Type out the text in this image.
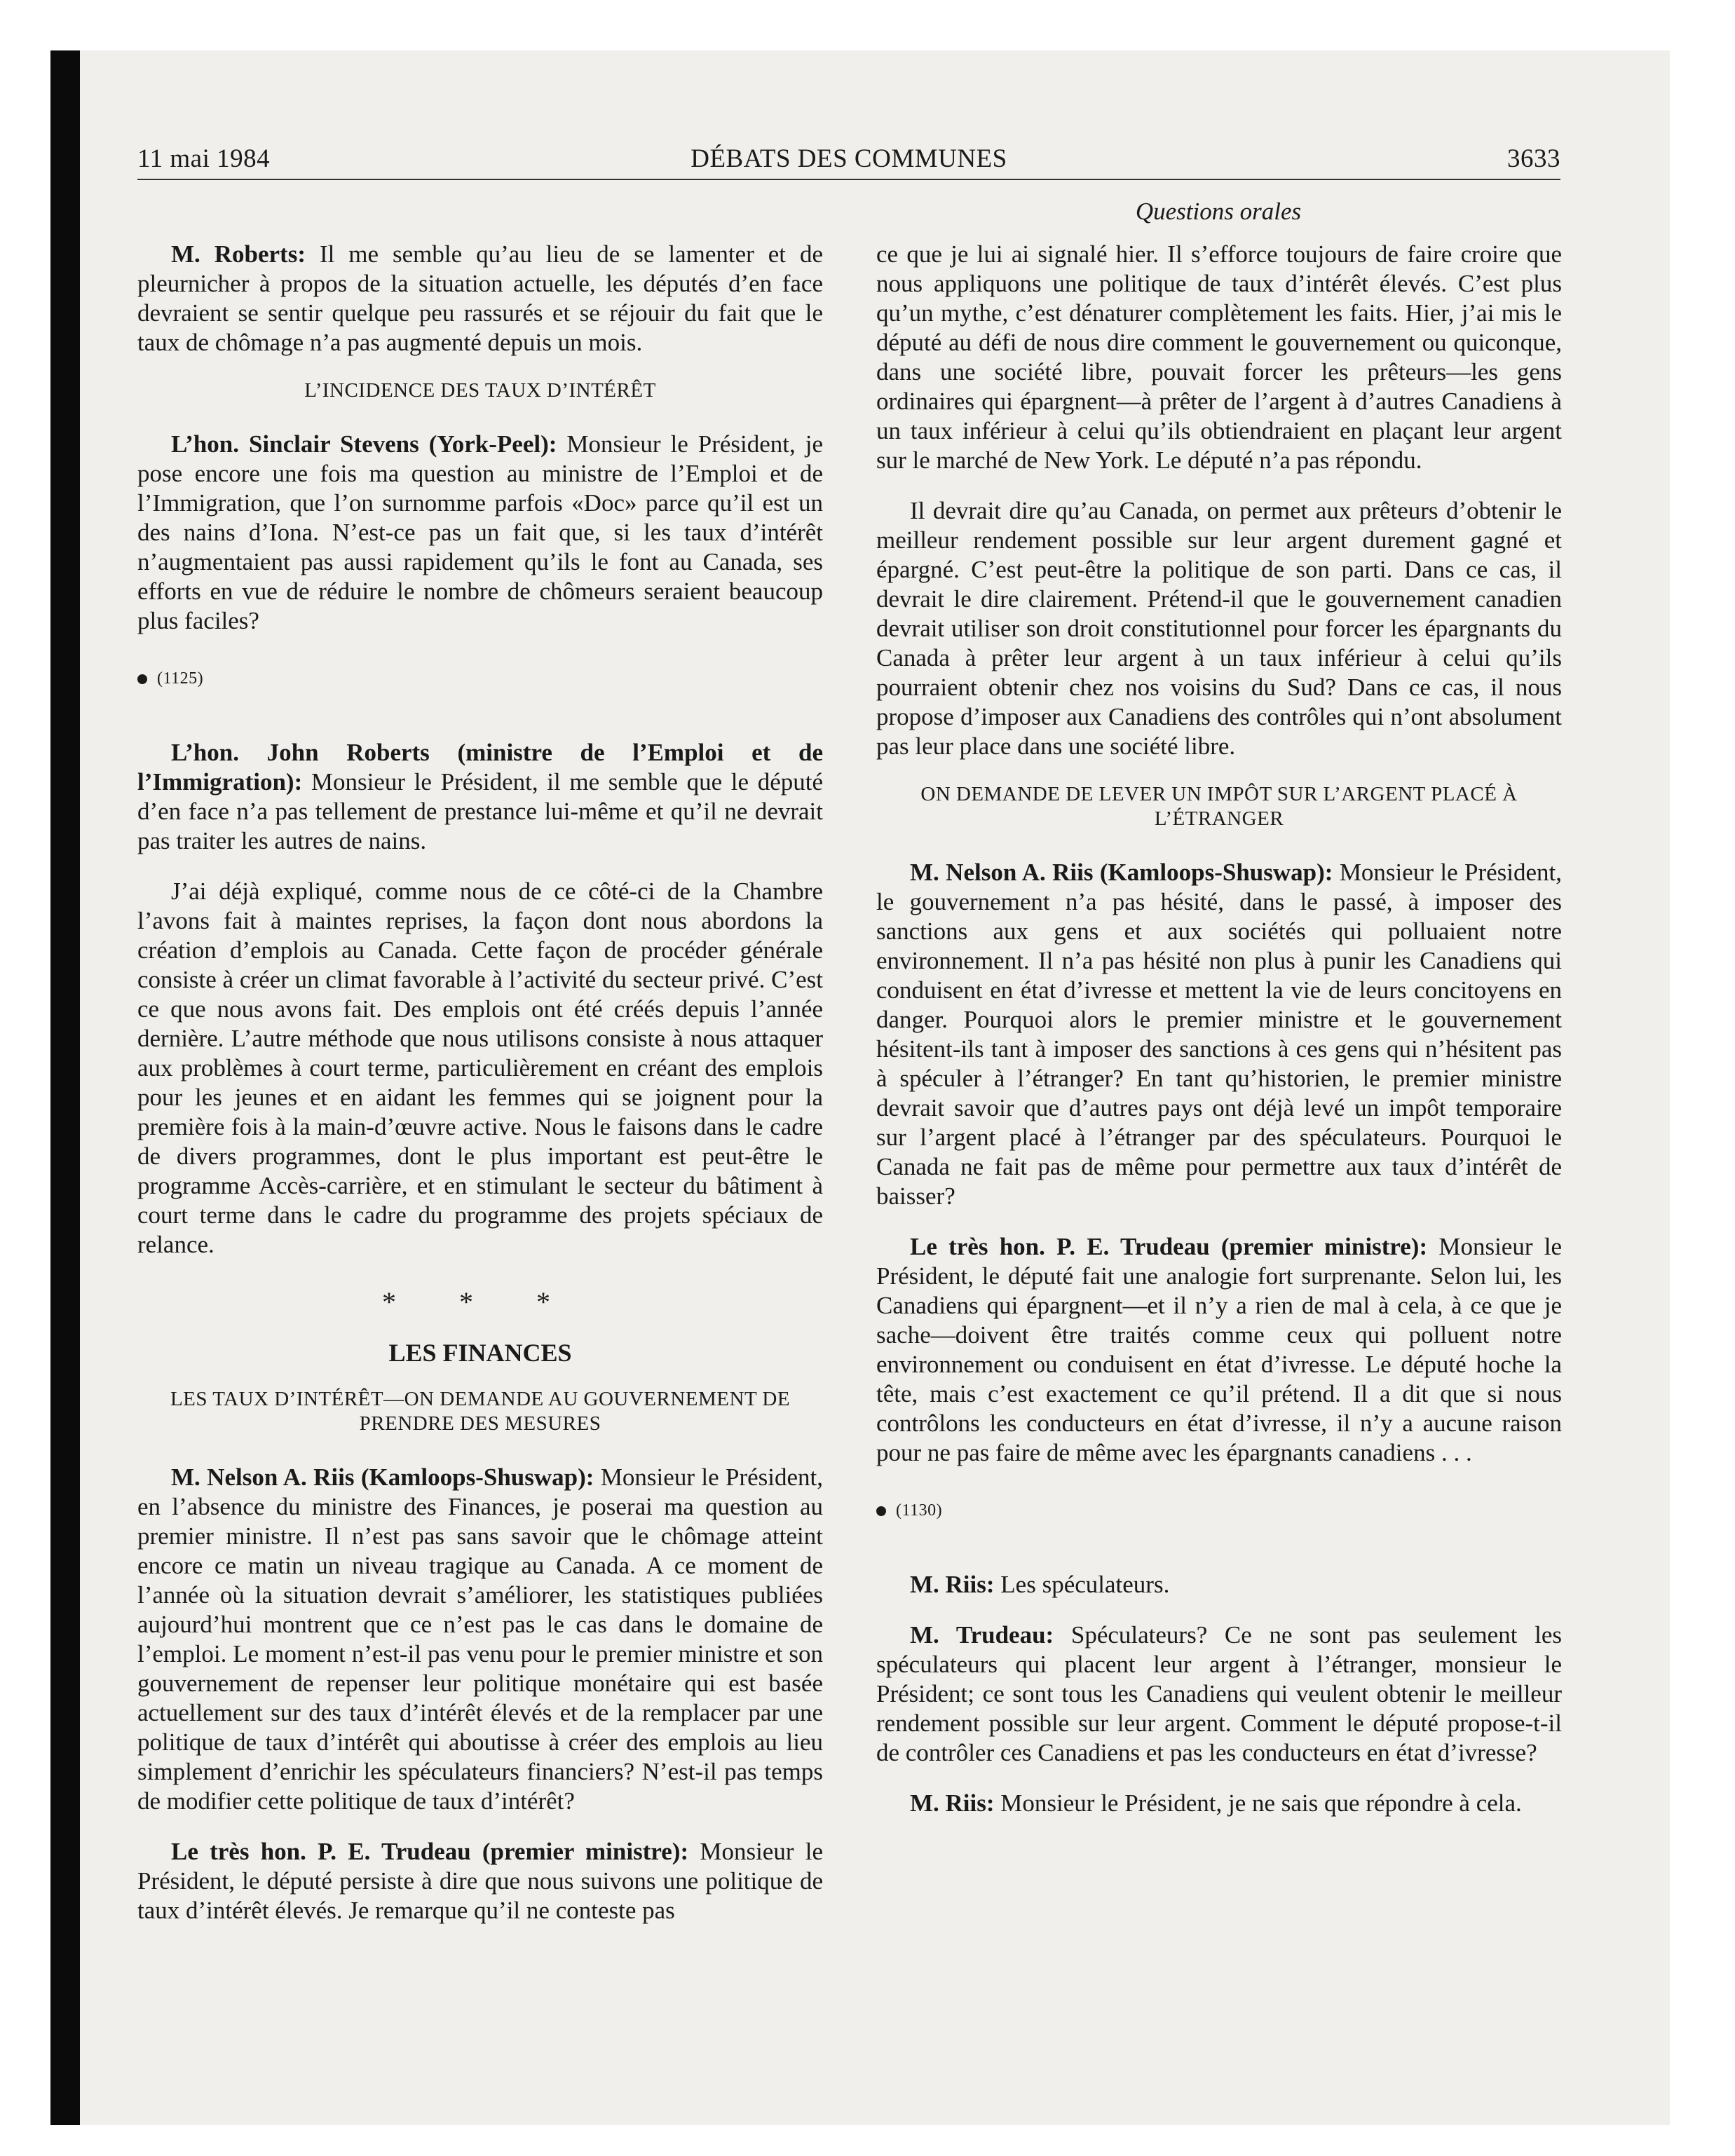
11 mai 1984	DÉBATS DES COMMUNES	3633
Questions orales

M. Roberts: Il me semble qu’au lieu de se lamenter et de pleurnicher à propos de la situation actuelle, les députés d’en face devraient se sentir quelque peu rassurés et se réjouir du fait que le taux de chômage n’a pas augmenté depuis un mois.

L’INCIDENCE DES TAUX D’INTÉRÊT

L’hon. Sinclair Stevens (York-Peel): Monsieur le Président, je pose encore une fois ma question au ministre de l’Emploi et de l’Immigration, que l’on surnomme parfois «Doc» parce qu’il est un des nains d’Iona. N’est-ce pas un fait que, si les taux d’intérêt n’augmentaient pas aussi rapidement qu’ils le font au Canada, ses efforts en vue de réduire le nombre de chômeurs seraient beaucoup plus faciles?

(1125)

L’hon. John Roberts (ministre de l’Emploi et de l’Immigration): Monsieur le Président, il me semble que le député d’en face n’a pas tellement de prestance lui-même et qu’il ne devrait pas traiter les autres de nains.

J’ai déjà expliqué, comme nous de ce côté-ci de la Chambre l’avons fait à maintes reprises, la façon dont nous abordons la création d’emplois au Canada. Cette façon de procéder générale consiste à créer un climat favorable à l’activité du secteur privé. C’est ce que nous avons fait. Des emplois ont été créés depuis l’année dernière. L’autre méthode que nous utilisons consiste à nous attaquer aux problèmes à court terme, particulièrement en créant des emplois pour les jeunes et en aidant les femmes qui se joignent pour la première fois à la main-d’œuvre active. Nous le faisons dans le cadre de divers programmes, dont le plus important est peut-être le programme Accès-carrière, et en stimulant le secteur du bâtiment à court terme dans le cadre du programme des projets spéciaux de relance.

* * *
LES FINANCES
LES TAUX D’INTÉRÊT—ON DEMANDE AU GOUVERNEMENT DE
PRENDRE DES MESURES

M. Nelson A. Riis (Kamloops-Shuswap): Monsieur le Président, en l’absence du ministre des Finances, je poserai ma question au premier ministre. Il n’est pas sans savoir que le chômage atteint encore ce matin un niveau tragique au Canada. A ce moment de l’année où la situation devrait s’améliorer, les statistiques publiées aujourd’hui montrent que ce n’est pas le cas dans le domaine de l’emploi. Le moment n’est-il pas venu pour le premier ministre et son gouvernement de repenser leur politique monétaire qui est basée actuellement sur des taux d’intérêt élevés et de la remplacer par une politique de taux d’intérêt qui aboutisse à créer des emplois au lieu simplement d’enrichir les spéculateurs financiers? N’est-il pas temps de modifier cette politique de taux d’intérêt?

Le très hon. P. E. Trudeau (premier ministre): Monsieur le Président, le député persiste à dire que nous suivons une politique de taux d’intérêt élevés. Je remarque qu’il ne conteste pas

ce que je lui ai signalé hier. Il s’efforce toujours de faire croire que nous appliquons une politique de taux d’intérêt élevés. C’est plus qu’un mythe, c’est dénaturer complètement les faits. Hier, j’ai mis le député au défi de nous dire comment le gouvernement ou quiconque, dans une société libre, pouvait forcer les prêteurs—les gens ordinaires qui épargnent—à prêter de l’argent à d’autres Canadiens à un taux inférieur à celui qu’ils obtiendraient en plaçant leur argent sur le marché de New York. Le député n’a pas répondu.

Il devrait dire qu’au Canada, on permet aux prêteurs d’obtenir le meilleur rendement possible sur leur argent durement gagné et épargné. C’est peut-être la politique de son parti. Dans ce cas, il devrait le dire clairement. Prétend-il que le gouvernement canadien devrait utiliser son droit constitutionnel pour forcer les épargnants du Canada à prêter leur argent à un taux inférieur à celui qu’ils pourraient obtenir chez nos voisins du Sud? Dans ce cas, il nous propose d’imposer aux Canadiens des contrôles qui n’ont absolument pas leur place dans une société libre.

ON DEMANDE DE LEVER UN IMPÔT SUR L’ARGENT PLACÉ À
L’ÉTRANGER

M. Nelson A. Riis (Kamloops-Shuswap): Monsieur le Président, le gouvernement n’a pas hésité, dans le passé, à imposer des sanctions aux gens et aux sociétés qui polluaient notre environnement. Il n’a pas hésité non plus à punir les Canadiens qui conduisent en état d’ivresse et mettent la vie de leurs concitoyens en danger. Pourquoi alors le premier ministre et le gouvernement hésitent-ils tant à imposer des sanctions à ces gens qui n’hésitent pas à spéculer à l’étranger? En tant qu’historien, le premier ministre devrait savoir que d’autres pays ont déjà levé un impôt temporaire sur l’argent placé à l’étranger par des spéculateurs. Pourquoi le Canada ne fait pas de même pour permettre aux taux d’intérêt de baisser?

Le très hon. P. E. Trudeau (premier ministre): Monsieur le Président, le député fait une analogie fort surprenante. Selon lui, les Canadiens qui épargnent—et il n’y a rien de mal à cela, à ce que je sache—doivent être traités comme ceux qui polluent notre environnement ou conduisent en état d’ivresse. Le député hoche la tête, mais c’est exactement ce qu’il prétend. Il a dit que si nous contrôlons les conducteurs en état d’ivresse, il n’y a aucune raison pour ne pas faire de même avec les épargnants canadiens . . .

(1130)

M. Riis: Les spéculateurs.

M. Trudeau: Spéculateurs? Ce ne sont pas seulement les spéculateurs qui placent leur argent à l’étranger, monsieur le Président; ce sont tous les Canadiens qui veulent obtenir le meilleur rendement possible sur leur argent. Comment le député propose-t-il de contrôler ces Canadiens et pas les conducteurs en état d’ivresse?

M. Riis: Monsieur le Président, je ne sais que répondre à cela.
